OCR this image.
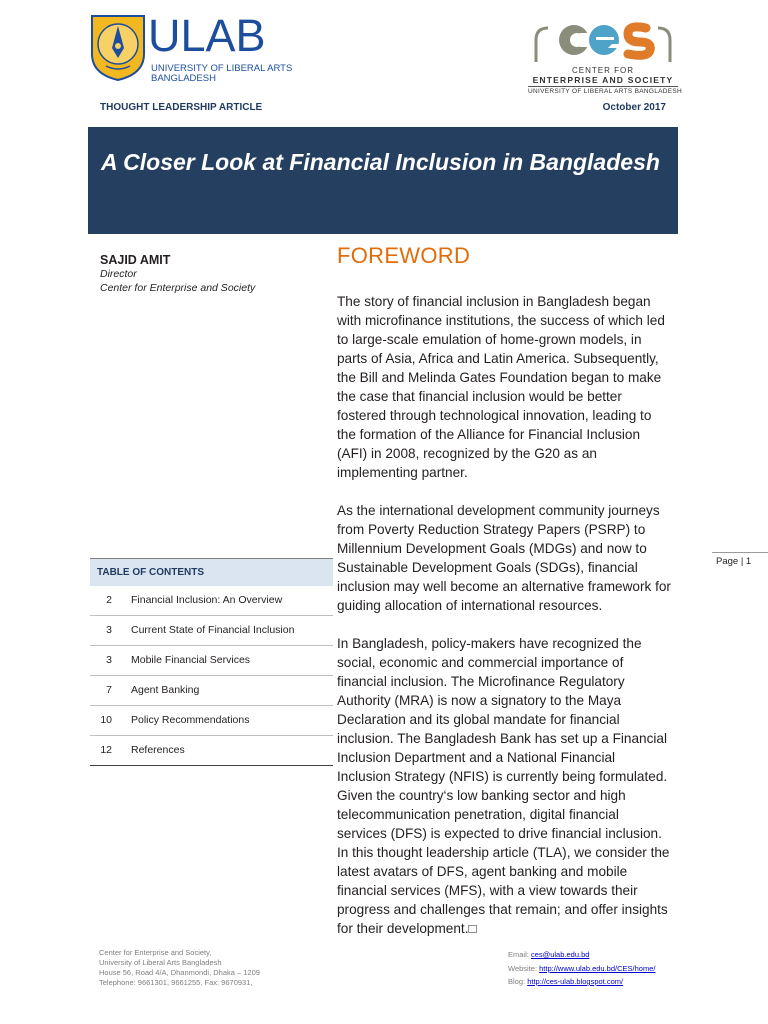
ULAB
UNIVERSITY OF LIBERAL ARTS
BANGLADESH
CENTER FOR
ENTERPRISE AND SOCIETY
UNIVERSITY OF LIBERAL ARTS BANGLADESH
THOUGHT LEADERSHIP ARTICLE	October 2017
A Closer Look at Financial Inclusion in Bangladesh
SAJID AMIT
Director
Center for Enterprise and Society
FOREWORD

The story of financial inclusion in Bangladesh began with microfinance institutions, the success of which led to large-scale emulation of home-grown models, in parts of Asia, Africa and Latin America. Subsequently, the Bill and Melinda Gates Foundation began to make the case that financial inclusion would be better fostered through technological innovation, leading to the formation of the Alliance for Financial Inclusion (AFI) in 2008, recognized by the G20 as an implementing partner.

As the international development community journeys from Poverty Reduction Strategy Papers (PSRP) to Millennium Development Goals (MDGs) and now to Sustainable Development Goals (SDGs), financial inclusion may well become an alternative framework for guiding allocation of international resources.

In Bangladesh, policy-makers have recognized the social, economic and commercial importance of financial inclusion. The Microfinance Regulatory Authority (MRA) is now a signatory to the Maya Declaration and its global mandate for financial inclusion. The Bangladesh Bank has set up a Financial Inclusion Department and a National Financial Inclusion Strategy (NFIS) is currently being formulated. Given the country‘s low banking sector and high telecommunication penetration, digital financial services (DFS) is expected to drive financial inclusion. In this thought leadership article (TLA), we consider the latest avatars of DFS, agent banking and mobile financial services (MFS), with a view towards their progress and challenges that remain; and offer insights for their development.□

TABLE OF CONTENTS
2 Financial Inclusion: An Overview
3 Current State of Financial Inclusion
3 Mobile Financial Services
7 Agent Banking
10 Policy Recommendations
12 References
Page | 1
Center for Enterprise and Society,
University of Liberal Arts Bangladesh
House 56, Road 4/A, Dhanmondi, Dhaka – 1209
Telephone: 9661301, 9661255, Fax: 9670931,
Email: ces@ulab.edu.bd
Website: http://www.ulab.edu.bd/CES/home/
Blog: http://ces-ulab.blogspot.com/
